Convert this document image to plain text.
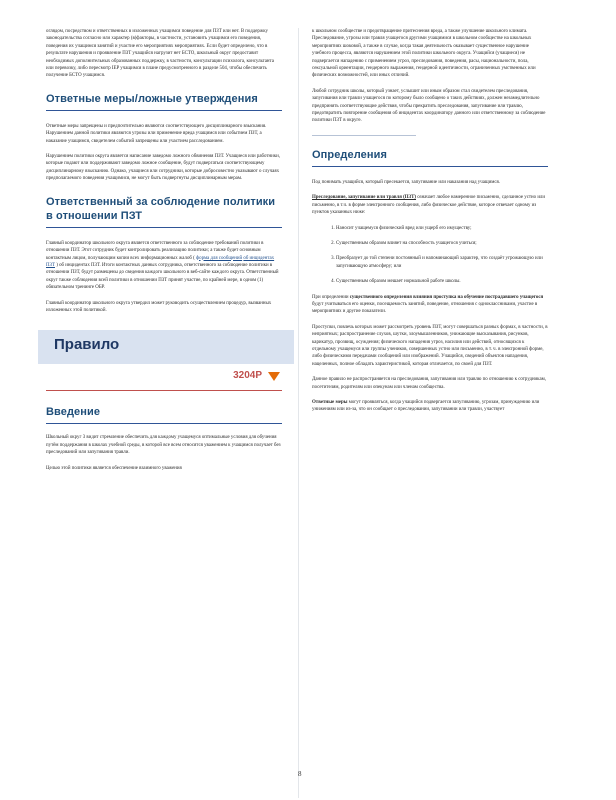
оглядом, посредством и ответственных в изложенных учащимся поведение для ПЗТ или нет. В поддержку законодательства согласно или характер (в)факторы, в частности, установить учащимся его поведения, поведения их учащимся занятий и участие его мероприятиях мероприятиях. Если будет определено, что в результате нарушения и проявление ПЗТ учащийся нагрузит нет БСТО, школьный округ предоставит необходимых дополнительных образованных поддержку, в частности, консультации психолога, консультанта или перевозку, либо пересмотр IEP учащимся в плане предусмотренного в разделе 504, чтобы обеспечить получение БСТО учащимся.

Ответные меры/ложные утверждения

Ответные меры запрещены и предпочтительно являются соответствующего дисциплинарного взыскания. Нарушением данной политики являются угрозы или применение вреда учащимся или событием ПЗТ, а наказание учащимся, свидетелем событий запрещены или участием расследованием.

Нарушением политики округа является написание заведомо ложного обвинения ПЗТ. Учащиеся или работники, которые подают или поддерживают заведомо ложное сообщение, будут подвергаться соответствующему дисциплинарному взысканию. Однако, учащиеся или сотрудники, которые добросовестно указывают о случаях предполагаемого поведения учащимися, не могут быть подвергнуты дисциплинарным мерам.

Ответственный за соблюдение политики в отношении ПЗТ

Главный координатор школьного округа является ответственного за соблюдение требований политики в отношении ПЗТ. Этот сотрудник будет контролировать реализацию политики; а также будет основным контактным лицом, получающим копии всех информационных жалоб ( форма для сообщений об инцидентах ПЗТ ) об инцидентах ПЗТ. Итоги контактных данных сотрудника, ответственного за соблюдение политики в отношении ПЗТ, будут размещены до сведения каждого школьного в веб-сайте каждого округа. Ответственный округ также соблюдения всей политики в отношении ПЗТ принят участие, по крайней мере, в одном (1) обязательном тренинге ОБР.

Главный координатор школьного округа утвердил может руководить осуществлением процедур, вызванных изложенных этой политикой.

Правило
3204P
Введение

Школьный округ 3 видит стремление обеспечить для каждому учащемуся оптимальные условия для обучения путём поддержания в школах учебной среды, в которой все всем относятся уважением к учащимся получает без преследований или запугивания травли.

Целью этой политики является обеспечение взаимного уважения

к школьном сообществе и предотвращение притеснения вреда, а также улучшение школьного климата. Преследование, угрозы или травля учащегося другими учащимися в школьном сообществе на школьных мероприятиях шоковой, а также в случае, когда такая деятельность оказывает существенное нарушение учебного процесса, являются нарушением этой политики школьного округа. Учащийся (учащиеся) не подвергается нападению с применением угроз, преследования, поведения, расы, национальности, пола, сексуальной ориентации, гендерного выражения, гендерной идентичности, ограниченных умственных или физических возможностей, или иных отличий.

Любой сотрудник школы, который узнает, услышит или иным образом стал свидетелем преследования, запугивания или травли учащегося по которому было сообщено о таких действиях, должен незамедлительно предпринять соответствующие действия, чтобы прекратить преследования, запугивание или травлю, предотвратить повторение сообщения об инцидентах координатору данного или ответственному за соблюдение политики ПЗТ в округе.

Определения

Под понимать учащийся, который пресекается, запугивание или наказания над учащимся.

Преследование, запугивание или травля (ПЗТ) означает любое намеренное письменно, сделанное устно или письменно, в т.ч. в форме электронного сообщения, либо физическое действие, которое отвечает одному из пунктов указанных ниже:

1. Наносит учащемуся физический вред или ущерб его имуществу;
2. Существенным образом влияет на способность учащегося учиться;
3. Преобразует до той степени постоянный и напоминающий характер, что создаёт угрожающую или запугивающую атмосферу; или
4. Существенным образом мешает нормальной работе школы.

При определении существенного определения влияния проступка на обучение пострадавшего учащегося будут учитываться его оценки, посещаемость занятий, поведение, отношения с одноклассниками, участие в мероприятиях и другие показатели.

Проступки, повлечь которых может рассмотреть уровень ПЗТ, могут совершаться разных формах, в частности, в неприятных; распространение слухов, шутки, злоумышленников, унижающие высказывания, рисунков, карикатур, прозвищ, осуждения; физического нападения угроз, насилия или действий, относящихся к отдельному учащемуся или группы учеников, совершенных устно или письменно, в т. ч. в электронной форме, либо физическими передачами сообщений или изображений. Учащийся, сведений объектов нападения, нацеленных, полное обладать характеристикой, которая отличается, по своей для ПЗТ.

Данное правило не распространяется на преследования, запугивания или травлю по отношению к сотрудникам, посетителям, родителям или опекунам или членам сообщества.

Ответные меры могут проявляться, когда учащийся подвергается запугиванию, угрозам, принуждению или унижениям или из-за, что он сообщает о преследовании, запугивании или травли, участвует

8
